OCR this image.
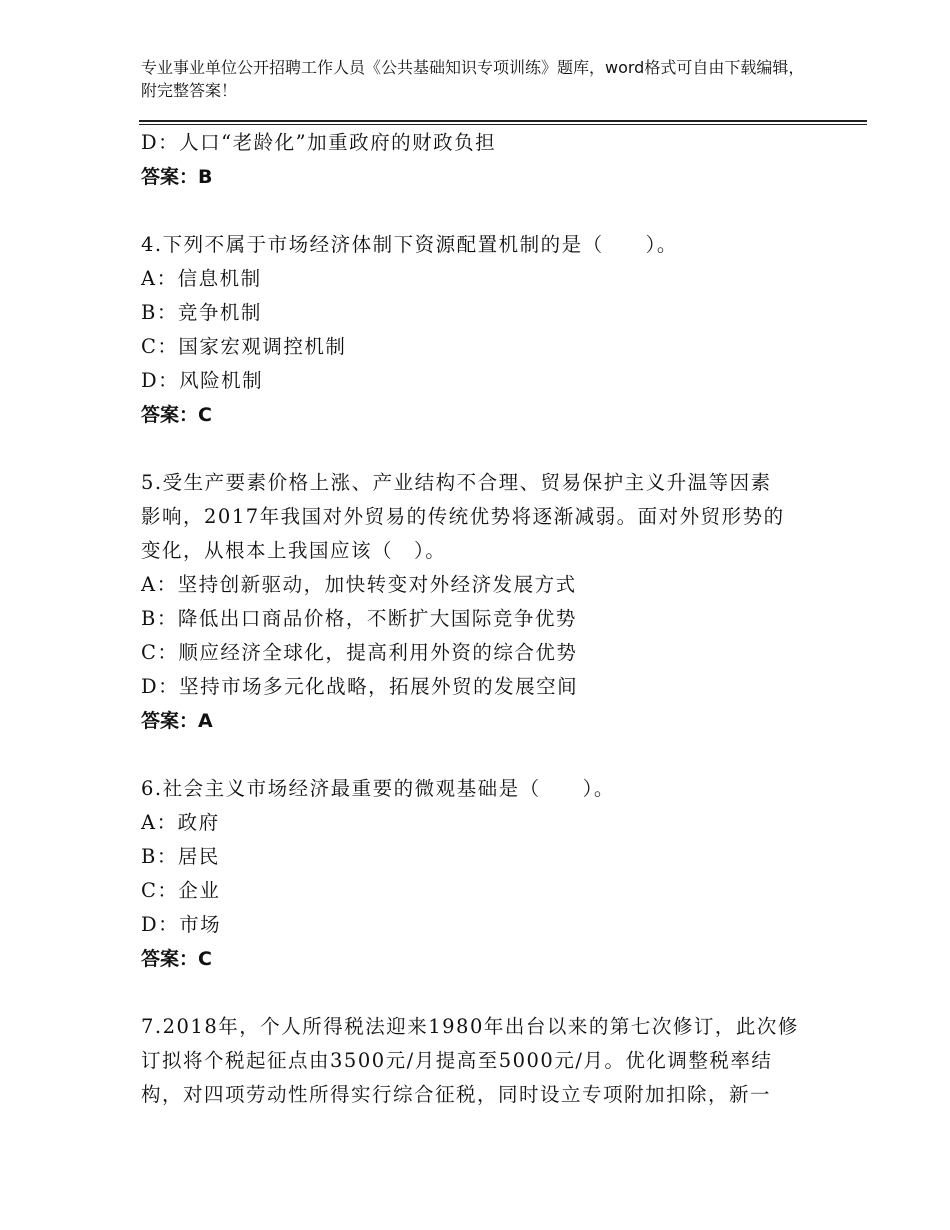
专业事业单位公开招聘工作人员《公共基础知识专项训练》题库，word格式可自由下载编辑，附完整答案！
D：人口“老龄化”加重政府的财政负担
答案：B
4.下列不属于市场经济体制下资源配置机制的是（　　）。
A：信息机制
B：竞争机制
C：国家宏观调控机制
D：风险机制
答案：C
5.受生产要素价格上涨、产业结构不合理、贸易保护主义升温等因素
影响，2017年我国对外贸易的传统优势将逐渐减弱。面对外贸形势的
变化，从根本上我国应该（　）。
A：坚持创新驱动，加快转变对外经济发展方式
B：降低出口商品价格，不断扩大国际竞争优势
C：顺应经济全球化，提高利用外资的综合优势
D：坚持市场多元化战略，拓展外贸的发展空间
答案：A
6.社会主义市场经济最重要的微观基础是（　　）。
A：政府
B：居民
C：企业
D：市场
答案：C
7.2018年，个人所得税法迎来1980年出台以来的第七次修订，此次修
订拟将个税起征点由3500元/月提高至5000元/月。优化调整税率结
构，对四项劳动性所得实行综合征税，同时设立专项附加扣除，新一
